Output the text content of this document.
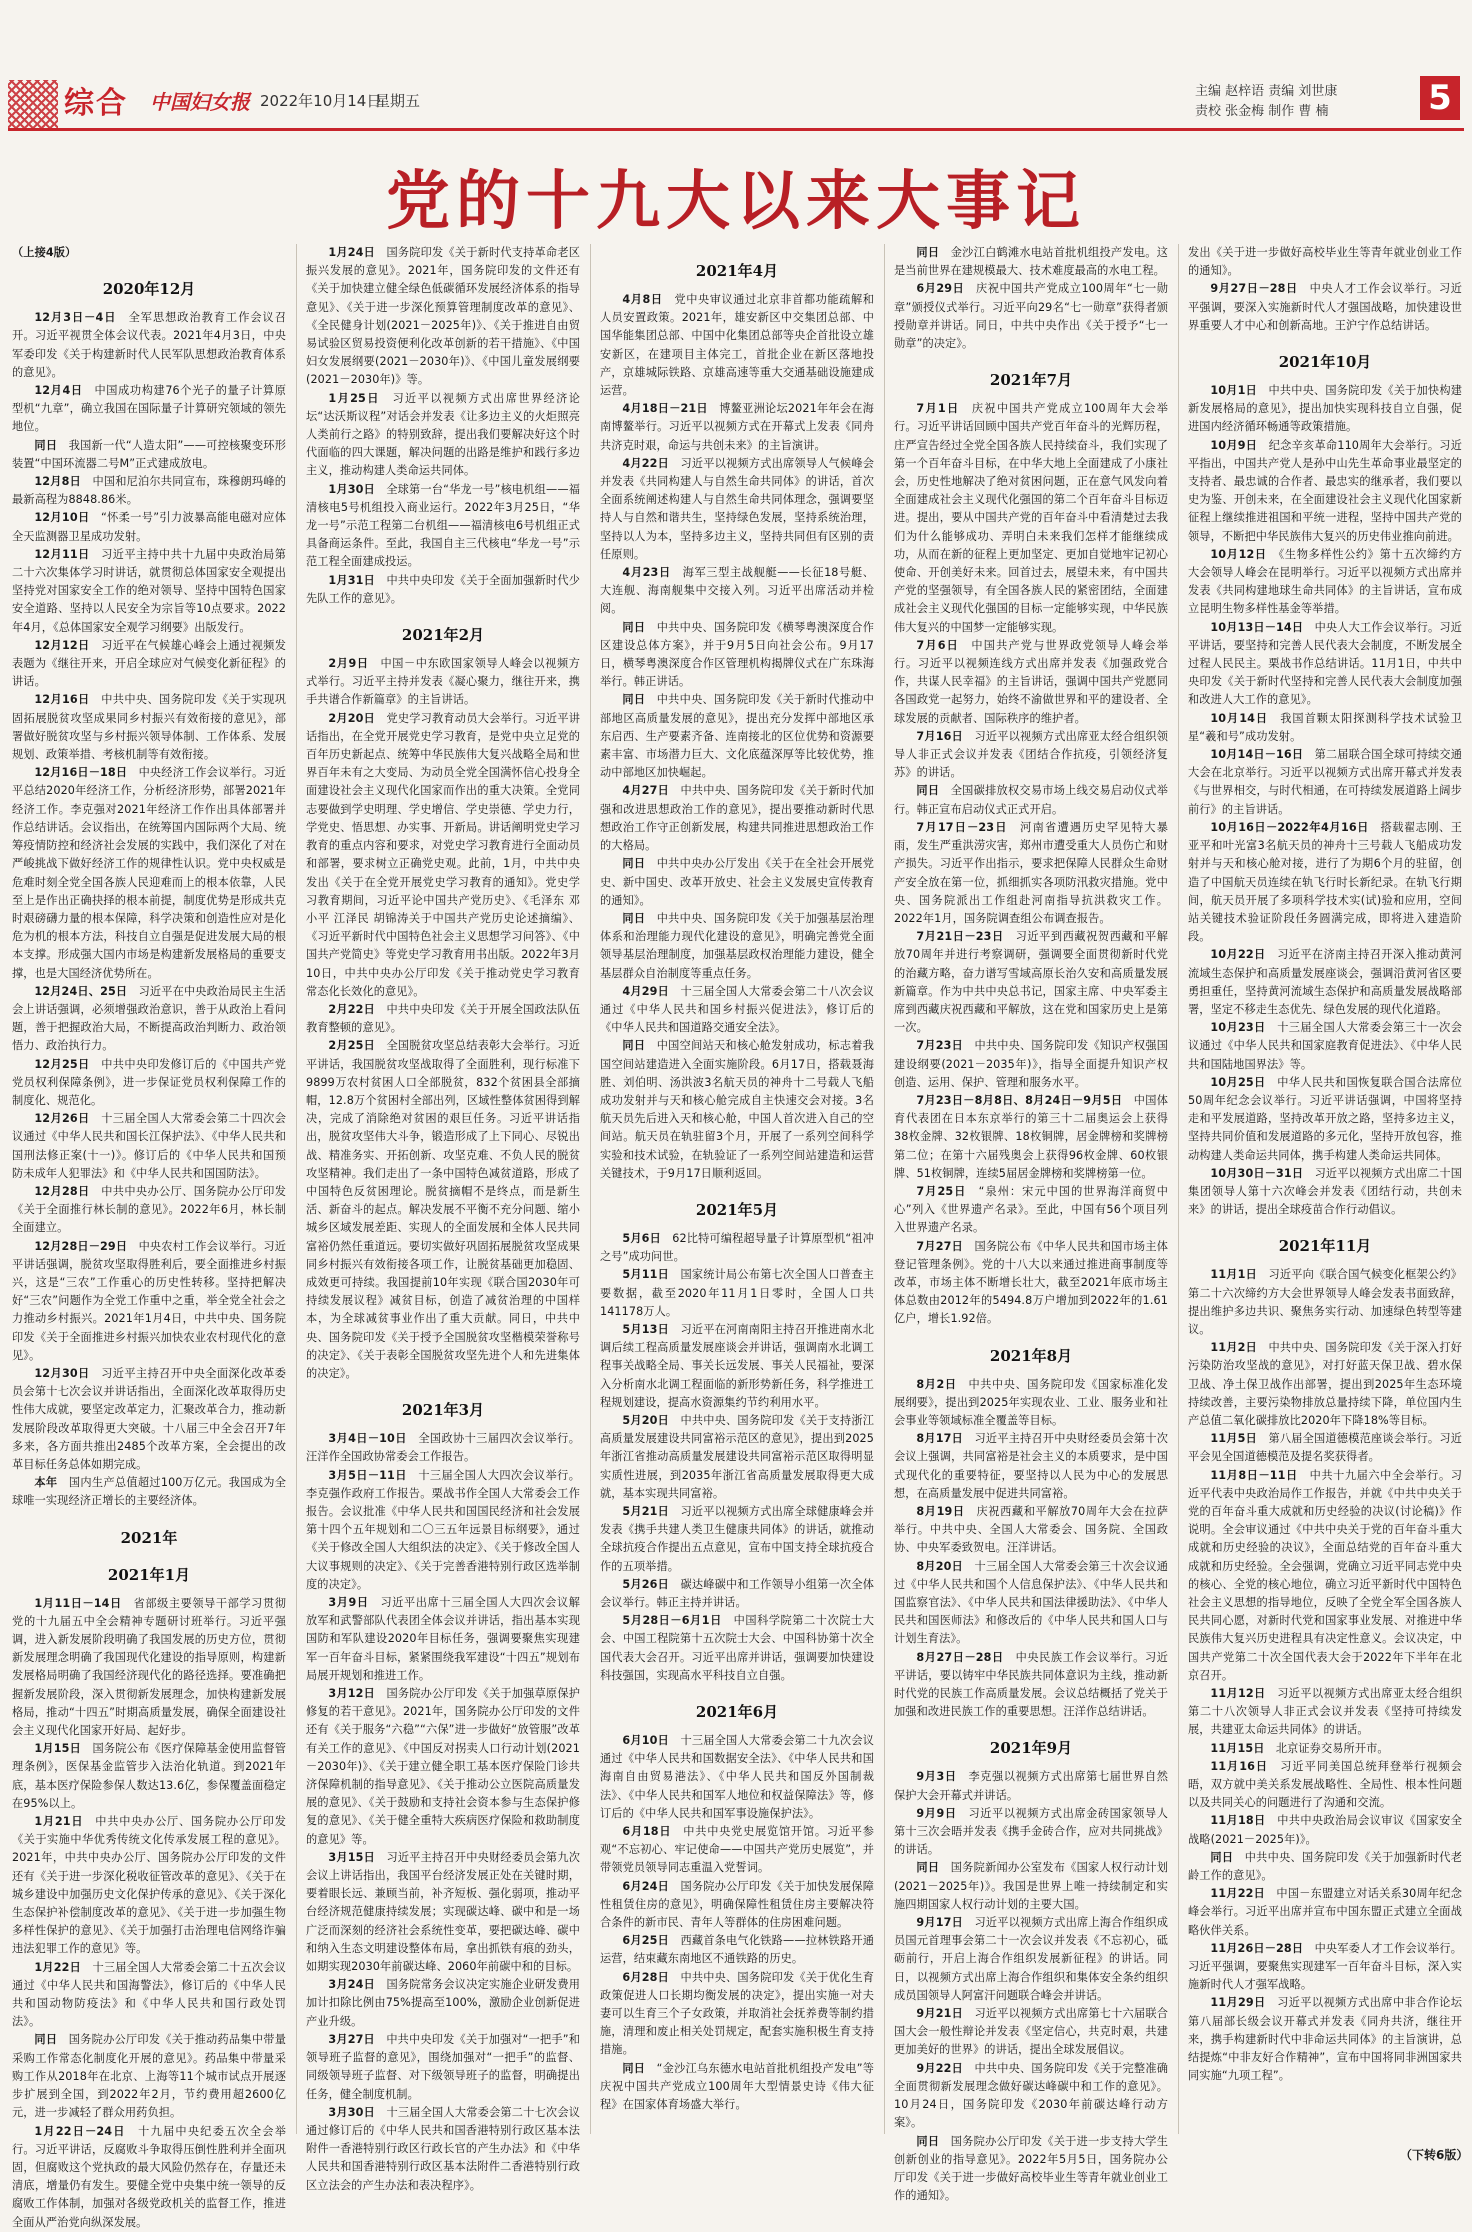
综合 中国妇女报 2022年10月14日
星期五
主编 赵梓语 责编 刘世康
责校 张金梅 制作 曹 楠	5
党的十九大以来大事记
（上接4版）
2020年12月

12月3日－4日　 全军思想政治教育工作会议召开。习近平视贯全体会议代表。2021年4月3日，中央军委印发《关于构建新时代人民军队思想政治教育体系的意见》。

12月4日　 中国成功构建76个光子的量子计算原型机“九章”，确立我国在国际量子计算研究领域的领先地位。

同日　 我国新一代“人造太阳”——可控核聚变环形装置“中国环流器二号M”正式建成放电。

12月8日　 中国和尼泊尔共同宣布，珠穆朗玛峰的最新高程为8848.86米。

12月10日　 “怀柔一号”引力波暴高能电磁对应体全天监测器卫星成功发射。

12月11日　 习近平主持中共十九届中央政治局第二十六次集体学习时讲话，就贯彻总体国家安全观提出坚持党对国家安全工作的绝对领导、坚持中国特色国家安全道路、坚持以人民安全为宗旨等10点要求。2022年4月，《总体国家安全观学习纲要》出版发行。

12月12日　 习近平在气候雄心峰会上通过视频发表题为《继往开来，开启全球应对气候变化新征程》的讲话。

12月16日　 中共中央、国务院印发《关于实现巩固拓展脱贫攻坚成果同乡村振兴有效衔接的意见》，部署做好脱贫攻坚与乡村振兴领导体制、工作体系、发展规划、政策举措、考核机制等有效衔接。

12月16日－18日　 中央经济工作会议举行。习近平总结2020年经济工作，分析经济形势，部署2021年经济工作。李克强对2021年经济工作作出具体部署并作总结讲话。会议指出，在统筹国内国际两个大局、统筹疫情防控和经济社会发展的实践中，我们深化了对在严峻挑战下做好经济工作的规律性认识。党中央权威是危难时刻全党全国各族人民迎难而上的根本依靠，人民至上是作出正确抉择的根本前提，制度优势是形成共克时艰磅礴力量的根本保障，科学决策和创造性应对是化危为机的根本方法，科技自立自强是促进发展大局的根本支撑。形成强大国内市场是构建新发展格局的重要支撑，也是大国经济优势所在。

12月24日、25日　 习近平在中央政治局民主生活会上讲话强调，必须增强政治意识，善于从政治上看问题，善于把握政治大局，不断提高政治判断力、政治领悟力、政治执行力。

12月25日　 中共中央印发修订后的《中国共产党党员权利保障条例》，进一步保证党员权利保障工作的制度化、规范化。

12月26日　 十三届全国人大常委会第二十四次会议通过《中华人民共和国长江保护法》、《中华人民共和国刑法修正案(十一)》。修订后的《中华人民共和国预防未成年人犯罪法》和《中华人民共和国国防法》。

12月28日　 中共中央办公厅、国务院办公厅印发《关于全面推行林长制的意见》。2022年6月，林长制全面建立。

12月28日－29日　 中央农村工作会议举行。习近平讲话强调，脱贫攻坚取得胜利后，要全面推进乡村振兴，这是“三农”工作重心的历史性转移。坚持把解决好“三农”问题作为全党工作重中之重，举全党全社会之力推动乡村振兴。2021年1月4日，中共中央、国务院印发《关于全面推进乡村振兴加快农业农村现代化的意见》。

12月30日　 习近平主持召开中央全面深化改革委员会第十七次会议并讲话指出，全面深化改革取得历史性伟大成就，要坚定改革定力，汇聚改革合力，推动新发展阶段改革取得更大突破。十八届三中全会召开7年多来，各方面共推出2485个改革方案，全会提出的改革目标任务总体如期完成。

本年　 国内生产总值超过100万亿元。我国成为全球唯一实现经济正增长的主要经济体。

2021年
2021年1月

1月11日－14日　 省部级主要领导干部学习贯彻党的十九届五中全会精神专题研讨班举行。习近平强调，进入新发展阶段明确了我国发展的历史方位，贯彻新发展理念明确了我国现代化建设的指导原则，构建新发展格局明确了我国经济现代化的路径选择。要准确把握新发展阶段，深入贯彻新发展理念，加快构建新发展格局，推动“十四五”时期高质量发展，确保全面建设社会主义现代化国家开好局、起好步。

1月15日　 国务院公布《医疗保障基金使用监督管理条例》，医保基金监管步入法治化轨道。到2021年底，基本医疗保险参保人数达13.6亿，参保覆盖面稳定在95%以上。

1月21日　 中共中央办公厅、国务院办公厅印发《关于实施中华优秀传统文化传承发展工程的意见》。2021年，中共中央办公厅、国务院办公厅印发的文件还有《关于进一步深化税收征管改革的意见》、《关于在城乡建设中加强历史文化保护传承的意见》、《关于深化生态保护补偿制度改革的意见》、《关于进一步加强生物多样性保护的意见》、《关于加强打击治理电信网络诈骗违法犯罪工作的意见》等。

1月22日　 十三届全国人大常委会第二十五次会议通过《中华人民共和国海警法》，修订后的《中华人民共和国动物防疫法》和《中华人民共和国行政处罚法》。

同日　 国务院办公厅印发《关于推动药品集中带量采购工作常态化制度化开展的意见》。药品集中带量采购工作从2018年在北京、上海等11个城市试点开展逐步扩展到全国，到2022年2月，节约费用超2600亿元，进一步减轻了群众用药负担。

1月22日－24日　 十九届中央纪委五次全会举行。习近平讲话，反腐败斗争取得压倒性胜利并全面巩固，但腐败这个党执政的最大风险仍然存在，存量还未清底，增量仍有发生。要健全党中央集中统一领导的反腐败工作体制，加强对各级党政机关的监督工作，推进全面从严治党向纵深发展。

1月24日　 国务院印发《关于新时代支持革命老区振兴发展的意见》。2021年，国务院印发的文件还有《关于加快建立健全绿色低碳循环发展经济体系的指导意见》、《关于进一步深化预算管理制度改革的意见》、《全民健身计划(2021－2025年)》、《关于推进自由贸易试验区贸易投资便利化改革创新的若干措施》、《中国妇女发展纲要(2021－2030年)》、《中国儿童发展纲要(2021－2030年)》等。

1月25日　 习近平以视频方式出席世界经济论坛“达沃斯议程”对话会并发表《让多边主义的火炬照亮人类前行之路》的特别致辞，提出我们要解决好这个时代面临的四大课题，解决问题的出路是维护和践行多边主义，推动构建人类命运共同体。

1月30日　 全球第一台“华龙一号”核电机组——福清核电5号机组投入商业运行。2022年3月25日，“华龙一号”示范工程第二台机组——福清核电6号机组正式具备商运条件。至此，我国自主三代核电“华龙一号”示范工程全面建成投运。

1月31日　 中共中央印发《关于全面加强新时代少先队工作的意见》。

2021年2月

2月9日　 中国－中东欧国家领导人峰会以视频方式举行。习近平主持并发表《凝心聚力，继往开来，携手共谱合作新篇章》的主旨讲话。

2月20日　 党史学习教育动员大会举行。习近平讲话指出，在全党开展党史学习教育，是党中央立足党的百年历史新起点、统筹中华民族伟大复兴战略全局和世界百年未有之大变局、为动员全党全国满怀信心投身全面建设社会主义现代化国家而作出的重大决策。全党同志要做到学史明理、学史增信、学史崇德、学史力行，学党史、悟思想、办实事、开新局。讲话阐明党史学习教育的重点内容和要求，对党史学习教育进行全面动员和部署，要求树立正确党史观。此前，1月，中共中央发出《关于在全党开展党史学习教育的通知》。党史学习教育期间，习近平论中国共产党历史》、《毛泽东 邓小平 江泽民 胡锦涛关于中国共产党历史论述摘编》、《习近平新时代中国特色社会主义思想学习问答》、《中国共产党简史》等党史学习教育用书出版。2022年3月10日，中共中央办公厅印发《关于推动党史学习教育常态化长效化的意见》。

2月22日　 中共中央印发《关于开展全国政法队伍教育整顿的意见》。

2月25日　 全国脱贫攻坚总结表彰大会举行。习近平讲话，我国脱贫攻坚战取得了全面胜利，现行标准下9899万农村贫困人口全部脱贫，832个贫困县全部摘帽，12.8万个贫困村全部出列，区域性整体贫困得到解决，完成了消除绝对贫困的艰巨任务。习近平讲话指出，脱贫攻坚伟大斗争，锻造形成了上下同心、尽锐出战、精准务实、开拓创新、攻坚克难、不负人民的脱贫攻坚精神。我们走出了一条中国特色减贫道路，形成了中国特色反贫困理论。脱贫摘帽不是终点，而是新生活、新奋斗的起点。解决发展不平衡不充分问题、缩小城乡区域发展差距、实现人的全面发展和全体人民共同富裕仍然任重道远。要切实做好巩固拓展脱贫攻坚成果同乡村振兴有效衔接各项工作，让脱贫基础更加稳固、成效更可持续。我国提前10年实现《联合国2030年可持续发展议程》减贫目标，创造了减贫治理的中国样本，为全球减贫事业作出了重大贡献。同日，中共中央、国务院印发《关于授予全国脱贫攻坚楷模荣誉称号的决定》、《关于表彰全国脱贫攻坚先进个人和先进集体的决定》。

2021年3月

3月4日－10日　 全国政协十三届四次会议举行。汪洋作全国政协常委会工作报告。

3月5日－11日　 十三届全国人大四次会议举行。李克强作政府工作报告。栗战书作全国人大常委会工作报告。会议批准《中华人民共和国国民经济和社会发展第十四个五年规划和二〇三五年远景目标纲要》，通过《关于修改全国人大组织法的决定》、《关于修改全国人大议事规则的决定》、《关于完善香港特别行政区选举制度的决定》。

3月9日　 习近平出席十三届全国人大四次会议解放军和武警部队代表团全体会议并讲话，指出基本实现国防和军队建设2020年目标任务，强调要聚焦实现建军一百年奋斗目标，紧紧围绕我军建设“十四五”规划布局展开规划和推进工作。

3月12日　 国务院办公厅印发《关于加强草原保护修复的若干意见》。2021年，国务院办公厅印发的文件还有《关于服务“六稳”“六保”进一步做好“放管服”改革有关工作的意见》、《中国反对拐卖人口行动计划(2021－2030年)》、《关于建立健全职工基本医疗保险门诊共济保障机制的指导意见》、《关于推动公立医院高质量发展的意见》、《关于鼓励和支持社会资本参与生态保护修复的意见》、《关于健全重特大疾病医疗保险和救助制度的意见》等。

3月15日　 习近平主持召开中央财经委员会第九次会议上讲话指出，我国平台经济发展正处在关键时期，要着眼长远、兼顾当前，补齐短板、强化弱项，推动平台经济规范健康持续发展；实现碳达峰、碳中和是一场广泛而深刻的经济社会系统性变革，要把碳达峰、碳中和纳入生态文明建设整体布局，拿出抓铁有痕的劲头，如期实现2030年前碳达峰、2060年前碳中和的目标。

3月24日　 国务院常务会议决定实施企业研发费用加计扣除比例由75%提高至100%，激励企业创新促进产业升级。

3月27日　 中共中央印发《关于加强对“一把手”和领导班子监督的意见》，围绕加强对“一把手”的监督、同级领导班子监督、对下级领导班子的监督，明确提出任务，健全制度机制。

3月30日　 十三届全国人大常委会第二十七次会议通过修订后的《中华人民共和国香港特别行政区基本法附件一香港特别行政区行政长官的产生办法》和《中华人民共和国香港特别行政区基本法附件二香港特别行政区立法会的产生办法和表决程序》。

2021年4月

4月8日　 党中央审议通过北京非首都功能疏解和人员安置政策。2021年，雄安新区中交集团总部、中国华能集团总部、中国中化集团总部等央企首批设立雄安新区，在建项目主体完工，首批企业在新区落地投产，京雄城际铁路、京雄高速等重大交通基础设施建成运营。

4月18日－21日　 博鳌亚洲论坛2021年年会在海南博鳌举行。习近平以视频方式在开幕式上发表《同舟共济克时艰，命运与共创未来》的主旨演讲。

4月22日　 习近平以视频方式出席领导人气候峰会并发表《共同构建人与自然生命共同体》的讲话，首次全面系统阐述构建人与自然生命共同体理念，强调要坚持人与自然和谐共生，坚持绿色发展，坚持系统治理，坚持以人为本，坚持多边主义，坚持共同但有区别的责任原则。

4月23日　 海军三型主战舰艇——长征18号艇、大连舰、海南舰集中交接入列。习近平出席活动并检阅。

同日　 中共中央、国务院印发《横琴粤澳深度合作区建设总体方案》，并于9月5日向社会公布。9月17日，横琴粤澳深度合作区管理机构揭牌仪式在广东珠海举行。韩正讲话。

同日　 中共中央、国务院印发《关于新时代推动中部地区高质量发展的意见》，提出充分发挥中部地区承东启西、生产要素齐备、连南接北的区位优势和资源要素丰富、市场潜力巨大、文化底蕴深厚等比较优势，推动中部地区加快崛起。

4月27日　 中共中央、国务院印发《关于新时代加强和改进思想政治工作的意见》，提出要推动新时代思想政治工作守正创新发展，构建共同推进思想政治工作的大格局。

同日　 中共中央办公厅发出《关于在全社会开展党史、新中国史、改革开放史、社会主义发展史宣传教育的通知》。

同日　 中共中央、国务院印发《关于加强基层治理体系和治理能力现代化建设的意见》，明确完善党全面领导基层治理制度，加强基层政权治理能力建设，健全基层群众自治制度等重点任务。

4月29日　 十三届全国人大常委会第二十八次会议通过《中华人民共和国乡村振兴促进法》，修订后的《中华人民共和国道路交通安全法》。

同日　 中国空间站天和核心舱发射成功，标志着我国空间站建造进入全面实施阶段。6月17日，搭载聂海胜、刘伯明、汤洪波3名航天员的神舟十二号载人飞船成功发射并与天和核心舱完成自主快速交会对接。3名航天员先后进入天和核心舱，中国人首次进入自己的空间站。航天员在轨驻留3个月，开展了一系列空间科学实验和技术试验，在轨验证了一系列空间站建造和运营关键技术，于9月17日顺利返回。

2021年5月

5月6日　 62比特可编程超导量子计算原型机“祖冲之号”成功问世。

5月11日　 国家统计局公布第七次全国人口普查主要数据，截至2020年11月1日零时，全国人口共141178万人。

5月13日　 习近平在河南南阳主持召开推进南水北调后续工程高质量发展座谈会并讲话，强调南水北调工程事关战略全局、事关长远发展、事关人民福祉，要深入分析南水北调工程面临的新形势新任务，科学推进工程规划建设，提高水资源集约节约利用水平。

5月20日　 中共中央、国务院印发《关于支持浙江高质量发展建设共同富裕示范区的意见》，提出到2025年浙江省推动高质量发展建设共同富裕示范区取得明显实质性进展，到2035年浙江省高质量发展取得更大成就，基本实现共同富裕。

5月21日　 习近平以视频方式出席全球健康峰会并发表《携手共建人类卫生健康共同体》的讲话，就推动全球抗疫合作提出五点意见，宣布中国支持全球抗疫合作的五项举措。

5月26日　 碳达峰碳中和工作领导小组第一次全体会议举行。韩正主持并讲话。

5月28日－6月1日　 中国科学院第二十次院士大会、中国工程院第十五次院士大会、中国科协第十次全国代表大会召开。习近平出席并讲话，强调要加快建设科技强国，实现高水平科技自立自强。

2021年6月

6月10日　 十三届全国人大常委会第二十九次会议通过《中华人民共和国数据安全法》、《中华人民共和国海南自由贸易港法》、《中华人民共和国反外国制裁法》、《中华人民共和国军人地位和权益保障法》等，修订后的《中华人民共和国军事设施保护法》。

6月18日　 中共中央党史展览馆开馆。习近平参观“不忘初心、牢记使命——中国共产党历史展览”，并带领党员领导同志重温入党誓词。

6月24日　 国务院办公厅印发《关于加快发展保障性租赁住房的意见》，明确保障性租赁住房主要解决符合条件的新市民、青年人等群体的住房困难问题。

6月25日　 西藏首条电气化铁路——拉林铁路开通运营，结束藏东南地区不通铁路的历史。

6月28日　 中共中央、国务院印发《关于优化生育政策促进人口长期均衡发展的决定》，提出实施一对夫妻可以生育三个子女政策，并取消社会抚养费等制约措施，清理和废止相关处罚规定，配套实施积极生育支持措施。

同日　 “金沙江乌东德水电站首批机组投产发电”等庆祝中国共产党成立100周年大型情景史诗《伟大征程》在国家体育场盛大举行。

同日　 金沙江白鹤滩水电站首批机组投产发电。这是当前世界在建规模最大、技术难度最高的水电工程。

6月29日　 庆祝中国共产党成立100周年“七一勋章”颁授仪式举行。习近平向29名“七一勋章”获得者颁授勋章并讲话。同日，中共中央作出《关于授予“七一勋章”的决定》。

2021年7月

7月1日　 庆祝中国共产党成立100周年大会举行。习近平讲话回顾中国共产党百年奋斗的光辉历程，庄严宣告经过全党全国各族人民持续奋斗，我们实现了第一个百年奋斗目标，在中华大地上全面建成了小康社会，历史性地解决了绝对贫困问题，正在意气风发向着全面建成社会主义现代化强国的第二个百年奋斗目标迈进。提出，要从中国共产党的百年奋斗中看清楚过去我们为什么能够成功、弄明白未来我们怎样才能继续成功，从而在新的征程上更加坚定、更加自觉地牢记初心使命、开创美好未来。回首过去，展望未来，有中国共产党的坚强领导，有全国各族人民的紧密团结，全面建成社会主义现代化强国的目标一定能够实现，中华民族伟大复兴的中国梦一定能够实现。

7月6日　 中国共产党与世界政党领导人峰会举行。习近平以视频连线方式出席并发表《加强政党合作，共谋人民幸福》的主旨讲话，强调中国共产党愿同各国政党一起努力，始终不渝做世界和平的建设者、全球发展的贡献者、国际秩序的维护者。

7月16日　 习近平以视频方式出席亚太经合组织领导人非正式会议并发表《团结合作抗疫，引领经济复苏》的讲话。

同日　 全国碳排放权交易市场上线交易启动仪式举行。韩正宣布启动仪式正式开启。

7月17日－23日　 河南省遭遇历史罕见特大暴雨，发生严重洪涝灾害，郑州市遭受重大人员伤亡和财产损失。习近平作出指示，要求把保障人民群众生命财产安全放在第一位，抓细抓实各项防汛救灾措施。党中央、国务院派出工作组赴河南指导抗洪救灾工作。2022年1月，国务院调查组公布调查报告。

7月21日－23日　 习近平到西藏祝贺西藏和平解放70周年并进行考察调研，强调要全面贯彻新时代党的治藏方略，奋力谱写雪域高原长治久安和高质量发展新篇章。作为中共中央总书记，国家主席、中央军委主席到西藏庆祝西藏和平解放，这在党和国家历史上是第一次。

7月23日　 中共中央、国务院印发《知识产权强国建设纲要(2021－2035年)》，指导全面提升知识产权创造、运用、保护、管理和服务水平。

7月23日－8月8日、8月24日－9月5日　 中国体育代表团在日本东京举行的第三十二届奥运会上获得38枚金牌、32枚银牌、18枚铜牌，居金牌榜和奖牌榜第二位；在第十六届残奥会上获得96枚金牌、60枚银牌、51枚铜牌，连续5届居金牌榜和奖牌榜第一位。

7月25日　 “泉州：宋元中国的世界海洋商贸中心”列入《世界遗产名录》。至此，中国有56个项目列入世界遗产名录。

7月27日　 国务院公布《中华人民共和国市场主体登记管理条例》。党的十八大以来通过推进商事制度等改革，市场主体不断增长壮大，截至2021年底市场主体总数由2012年的5494.8万户增加到2022年的1.61亿户，增长1.92倍。

2021年8月

8月2日　 中共中央、国务院印发《国家标准化发展纲要》，提出到2025年实现农业、工业、服务业和社会事业等领域标准全覆盖等目标。

8月17日　 习近平主持召开中央财经委员会第十次会议上强调，共同富裕是社会主义的本质要求，是中国式现代化的重要特征，要坚持以人民为中心的发展思想，在高质量发展中促进共同富裕。

8月19日　 庆祝西藏和平解放70周年大会在拉萨举行。中共中央、全国人大常委会、国务院、全国政协、中央军委致贺电。汪洋讲话。

8月20日　 十三届全国人大常委会第三十次会议通过《中华人民共和国个人信息保护法》、《中华人民共和国监察官法》、《中华人民共和国法律援助法》、《中华人民共和国医师法》和修改后的《中华人民共和国人口与计划生育法》。

8月27日－28日　 中央民族工作会议举行。习近平讲话，要以铸牢中华民族共同体意识为主线，推动新时代党的民族工作高质量发展。会议总结概括了党关于加强和改进民族工作的重要思想。汪洋作总结讲话。

2021年9月

9月3日　 李克强以视频方式出席第七届世界自然保护大会开幕式并讲话。

9月9日　 习近平以视频方式出席金砖国家领导人第十三次会晤并发表《携手金砖合作，应对共同挑战》的讲话。

同日　 国务院新闻办公室发布《国家人权行动计划(2021－2025年)》。我国是世界上唯一持续制定和实施四期国家人权行动计划的主要大国。

9月17日　 习近平以视频方式出席上海合作组织成员国元首理事会第二十一次会议并发表《不忘初心，砥砺前行，开启上海合作组织发展新征程》的讲话。同日，以视频方式出席上海合作组织和集体安全条约组织成员国领导人阿富汗问题联合峰会并讲话。

9月21日　 习近平以视频方式出席第七十六届联合国大会一般性辩论并发表《坚定信心，共克时艰，共建更加美好的世界》的讲话，提出全球发展倡议。

9月22日　 中共中央、国务院印发《关于完整准确全面贯彻新发展理念做好碳达峰碳中和工作的意见》。10月24日，国务院印发《2030年前碳达峰行动方案》。

同日　 国务院办公厅印发《关于进一步支持大学生创新创业的指导意见》。2022年5月5日，国务院办公厅印发《关于进一步做好高校毕业生等青年就业创业工作的通知》。

发出《关于进一步做好高校毕业生等青年就业创业工作的通知》。

9月27日－28日　 中央人才工作会议举行。习近平强调，要深入实施新时代人才强国战略，加快建设世界重要人才中心和创新高地。王沪宁作总结讲话。

2021年10月

10月1日　 中共中央、国务院印发《关于加快构建新发展格局的意见》，提出加快实现科技自立自强，促进国内经济循环畅通等政策措施。

10月9日　 纪念辛亥革命110周年大会举行。习近平指出，中国共产党人是孙中山先生革命事业最坚定的支持者、最忠诚的合作者、最忠实的继承者，我们要以史为鉴、开创未来，在全面建设社会主义现代化国家新征程上继续推进祖国和平统一进程，坚持中国共产党的领导，不断把中华民族伟大复兴的历史伟业推向前进。

10月12日　 《生物多样性公约》第十五次缔约方大会领导人峰会在昆明举行。习近平以视频方式出席并发表《共同构建地球生命共同体》的主旨讲话，宣布成立昆明生物多样性基金等举措。

10月13日－14日　 中央人大工作会议举行。习近平讲话，要坚持和完善人民代表大会制度，不断发展全过程人民民主。栗战书作总结讲话。11月1日，中共中央印发《关于新时代坚持和完善人民代表大会制度加强和改进人大工作的意见》。

10月14日　 我国首颗太阳探测科学技术试验卫星“羲和号”成功发射。

10月14日－16日　 第二届联合国全球可持续交通大会在北京举行。习近平以视频方式出席开幕式并发表《与世界相交，与时代相通，在可持续发展道路上阔步前行》的主旨讲话。

10月16日－2022年4月16日　 搭载翟志刚、王亚平和叶光富3名航天员的神舟十三号载人飞船成功发射并与天和核心舱对接，进行了为期6个月的驻留，创造了中国航天员连续在轨飞行时长新纪录。在轨飞行期间，航天员开展了多项科学技术实(试)验和应用，空间站关键技术验证阶段任务圆满完成，即将进入建造阶段。

10月22日　 习近平在济南主持召开深入推动黄河流域生态保护和高质量发展座谈会，强调沿黄河省区要勇担重任，坚持黄河流域生态保护和高质量发展战略部署，坚定不移走生态优先、绿色发展的现代化道路。

10月23日　 十三届全国人大常委会第三十一次会议通过《中华人民共和国家庭教育促进法》、《中华人民共和国陆地国界法》等。

10月25日　 中华人民共和国恢复联合国合法席位50周年纪念会议举行。习近平讲话强调，中国将坚持走和平发展道路，坚持改革开放之路，坚持多边主义，坚持共同价值和发展道路的多元化，坚持开放包容，推动构建人类命运共同体，携手构建人类命运共同体。

10月30日－31日　 习近平以视频方式出席二十国集团领导人第十六次峰会并发表《团结行动，共创未来》的讲话，提出全球疫苗合作行动倡议。

2021年11月

11月1日　 习近平向《联合国气候变化框架公约》第二十六次缔约方大会世界领导人峰会发表书面致辞，提出维护多边共识、聚焦务实行动、加速绿色转型等建议。

11月2日　 中共中央、国务院印发《关于深入打好污染防治攻坚战的意见》，对打好蓝天保卫战、碧水保卫战、净土保卫战作出部署，提出到2025年生态环境持续改善，主要污染物排放总量持续下降，单位国内生产总值二氧化碳排放比2020年下降18%等目标。

11月5日　 第八届全国道德模范座谈会举行。习近平会见全国道德模范及提名奖获得者。

11月8日－11日　 中共十九届六中全会举行。习近平代表中央政治局作工作报告，并就《中共中央关于党的百年奋斗重大成就和历史经验的决议(讨论稿)》作说明。全会审议通过《中共中央关于党的百年奋斗重大成就和历史经验的决议》，全面总结党的百年奋斗重大成就和历史经验。全会强调，党确立习近平同志党中央的核心、全党的核心地位，确立习近平新时代中国特色社会主义思想的指导地位，反映了全党全军全国各族人民共同心愿，对新时代党和国家事业发展、对推进中华民族伟大复兴历史进程具有决定性意义。会议决定，中国共产党第二十次全国代表大会于2022年下半年在北京召开。

11月12日　 习近平以视频方式出席亚太经合组织第二十八次领导人非正式会议并发表《坚持可持续发展，共建亚太命运共同体》的讲话。

11月15日　 北京证券交易所开市。

11月16日　 习近平同美国总统拜登举行视频会晤，双方就中美关系发展战略性、全局性、根本性问题以及共同关心的问题进行了沟通和交流。

11月18日　 中共中央政治局会议审议《国家安全战略(2021－2025年)》。

同日　 中共中央、国务院印发《关于加强新时代老龄工作的意见》。

11月22日　 中国－东盟建立对话关系30周年纪念峰会举行。习近平出席并宣布中国东盟正式建立全面战略伙伴关系。

11月26日－28日　 中央军委人才工作会议举行。习近平强调，要聚焦实现建军一百年奋斗目标，深入实施新时代人才强军战略。

11月29日　 习近平以视频方式出席中非合作论坛第八届部长级会议开幕式并发表《同舟共济，继往开来，携手构建新时代中非命运共同体》的主旨演讲，总结提炼“中非友好合作精神”，宣布中国将同非洲国家共同实施“九项工程”。

（下转6版）
